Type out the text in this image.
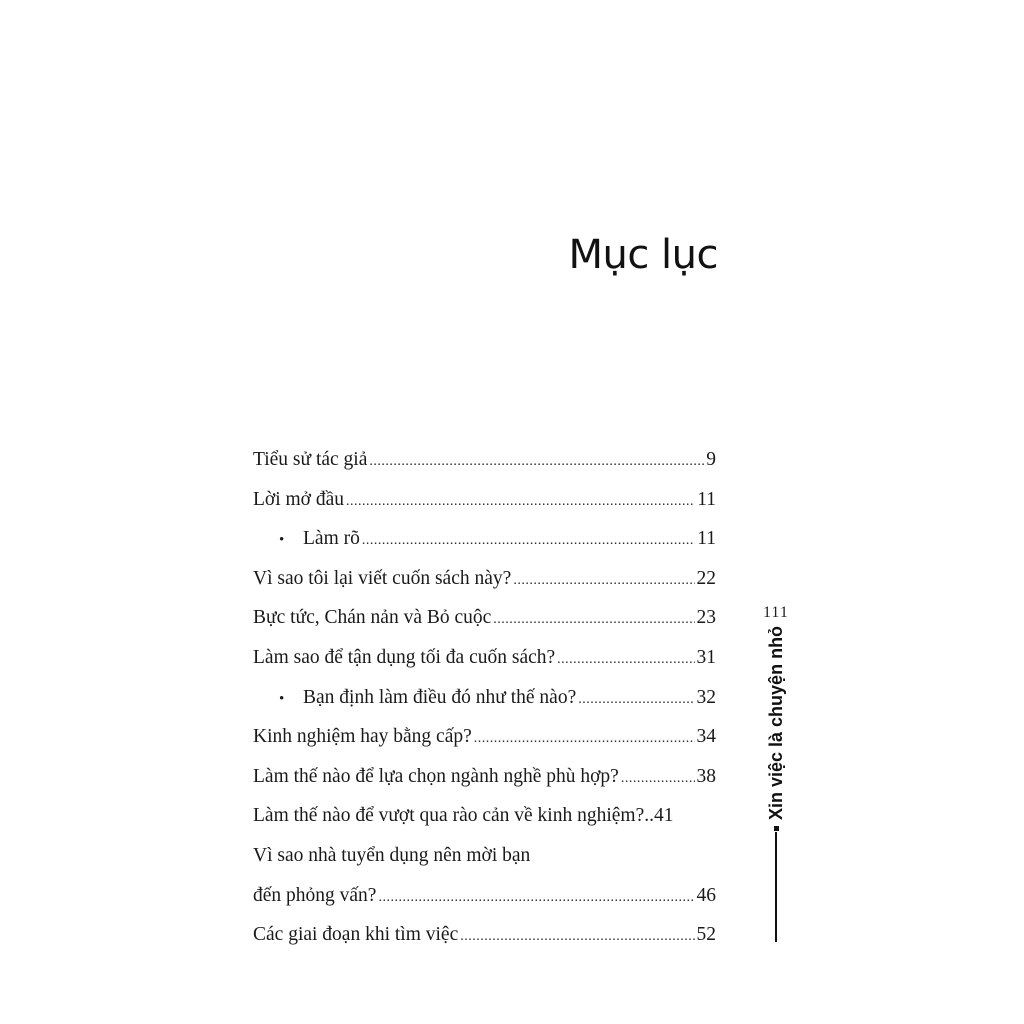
Mục lục
Tiểu sử tác giả .....	9
Lời mở đầu .....	11
• Làm rõ .....	11
Vì sao tôi lại viết cuốn sách này? .....	22
Bực tức, Chán nản và Bỏ cuộc .....	23
Làm sao để tận dụng tối đa cuốn sách? .....	31
• Bạn định làm điều đó như thế nào? .....	32
Kinh nghiệm hay bằng cấp? .....	34
Làm thế nào để lựa chọn ngành nghề phù hợp? .....	38
Làm thế nào để vượt qua rào cản về kinh nghiệm?.. 41
Vì sao nhà tuyển dụng nên mời bạn
đến phỏng vấn? .....	46
Các giai đoạn khi tìm việc .....	52
111
Xin việc là chuyện nhỏ
